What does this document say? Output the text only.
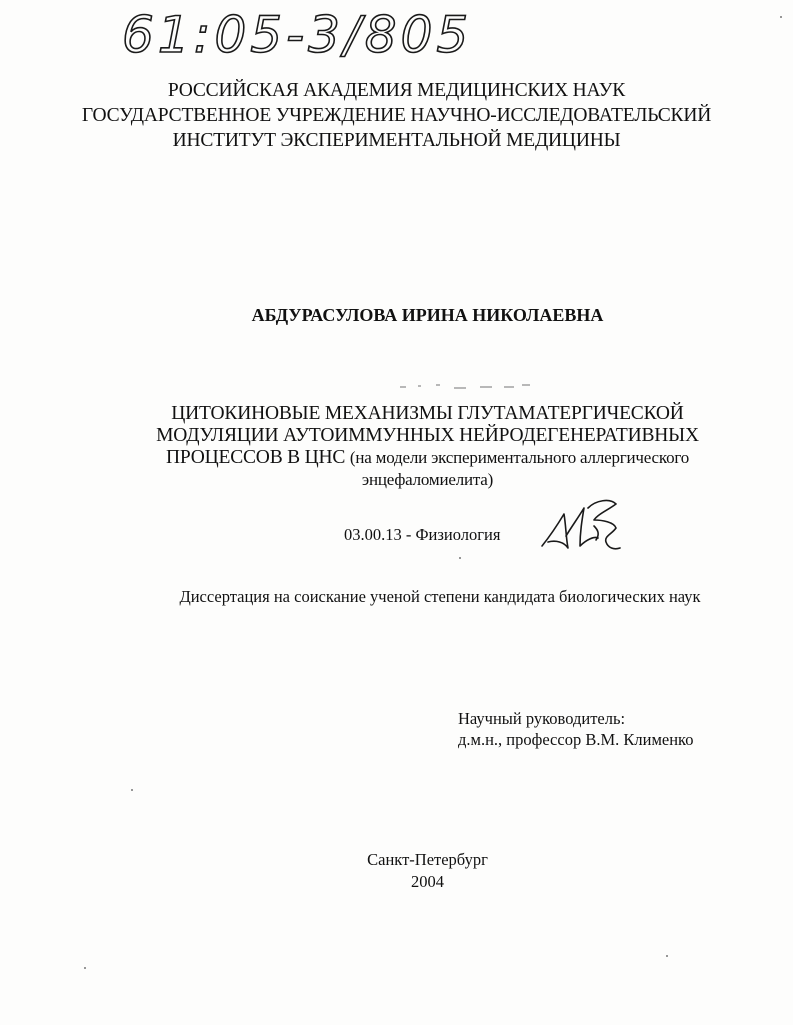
61:05-3/805
РОССИЙСКАЯ АКАДЕМИЯ МЕДИЦИНСКИХ НАУК
ГОСУДАРСТВЕННОЕ УЧРЕЖДЕНИЕ НАУЧНО-ИССЛЕДОВАТЕЛЬСКИЙ
ИНСТИТУТ ЭКСПЕРИМЕНТАЛЬНОЙ МЕДИЦИНЫ
АБДУРАСУЛОВА ИРИНА НИКОЛАЕВНА
ЦИТОКИНОВЫЕ МЕХАНИЗМЫ ГЛУТАМАТЕРГИЧЕСКОЙ
МОДУЛЯЦИИ АУТОИММУННЫХ НЕЙРОДЕГЕНЕРАТИВНЫХ
ПРОЦЕССОВ В ЦНС (на модели экспериментального аллергического
энцефаломиелита)
03.00.13 - Физиология
Диссертация на соискание ученой степени кандидата биологических наук
Научный руководитель:
д.м.н., профессор В.М. Клименко
Санкт-Петербург
2004
